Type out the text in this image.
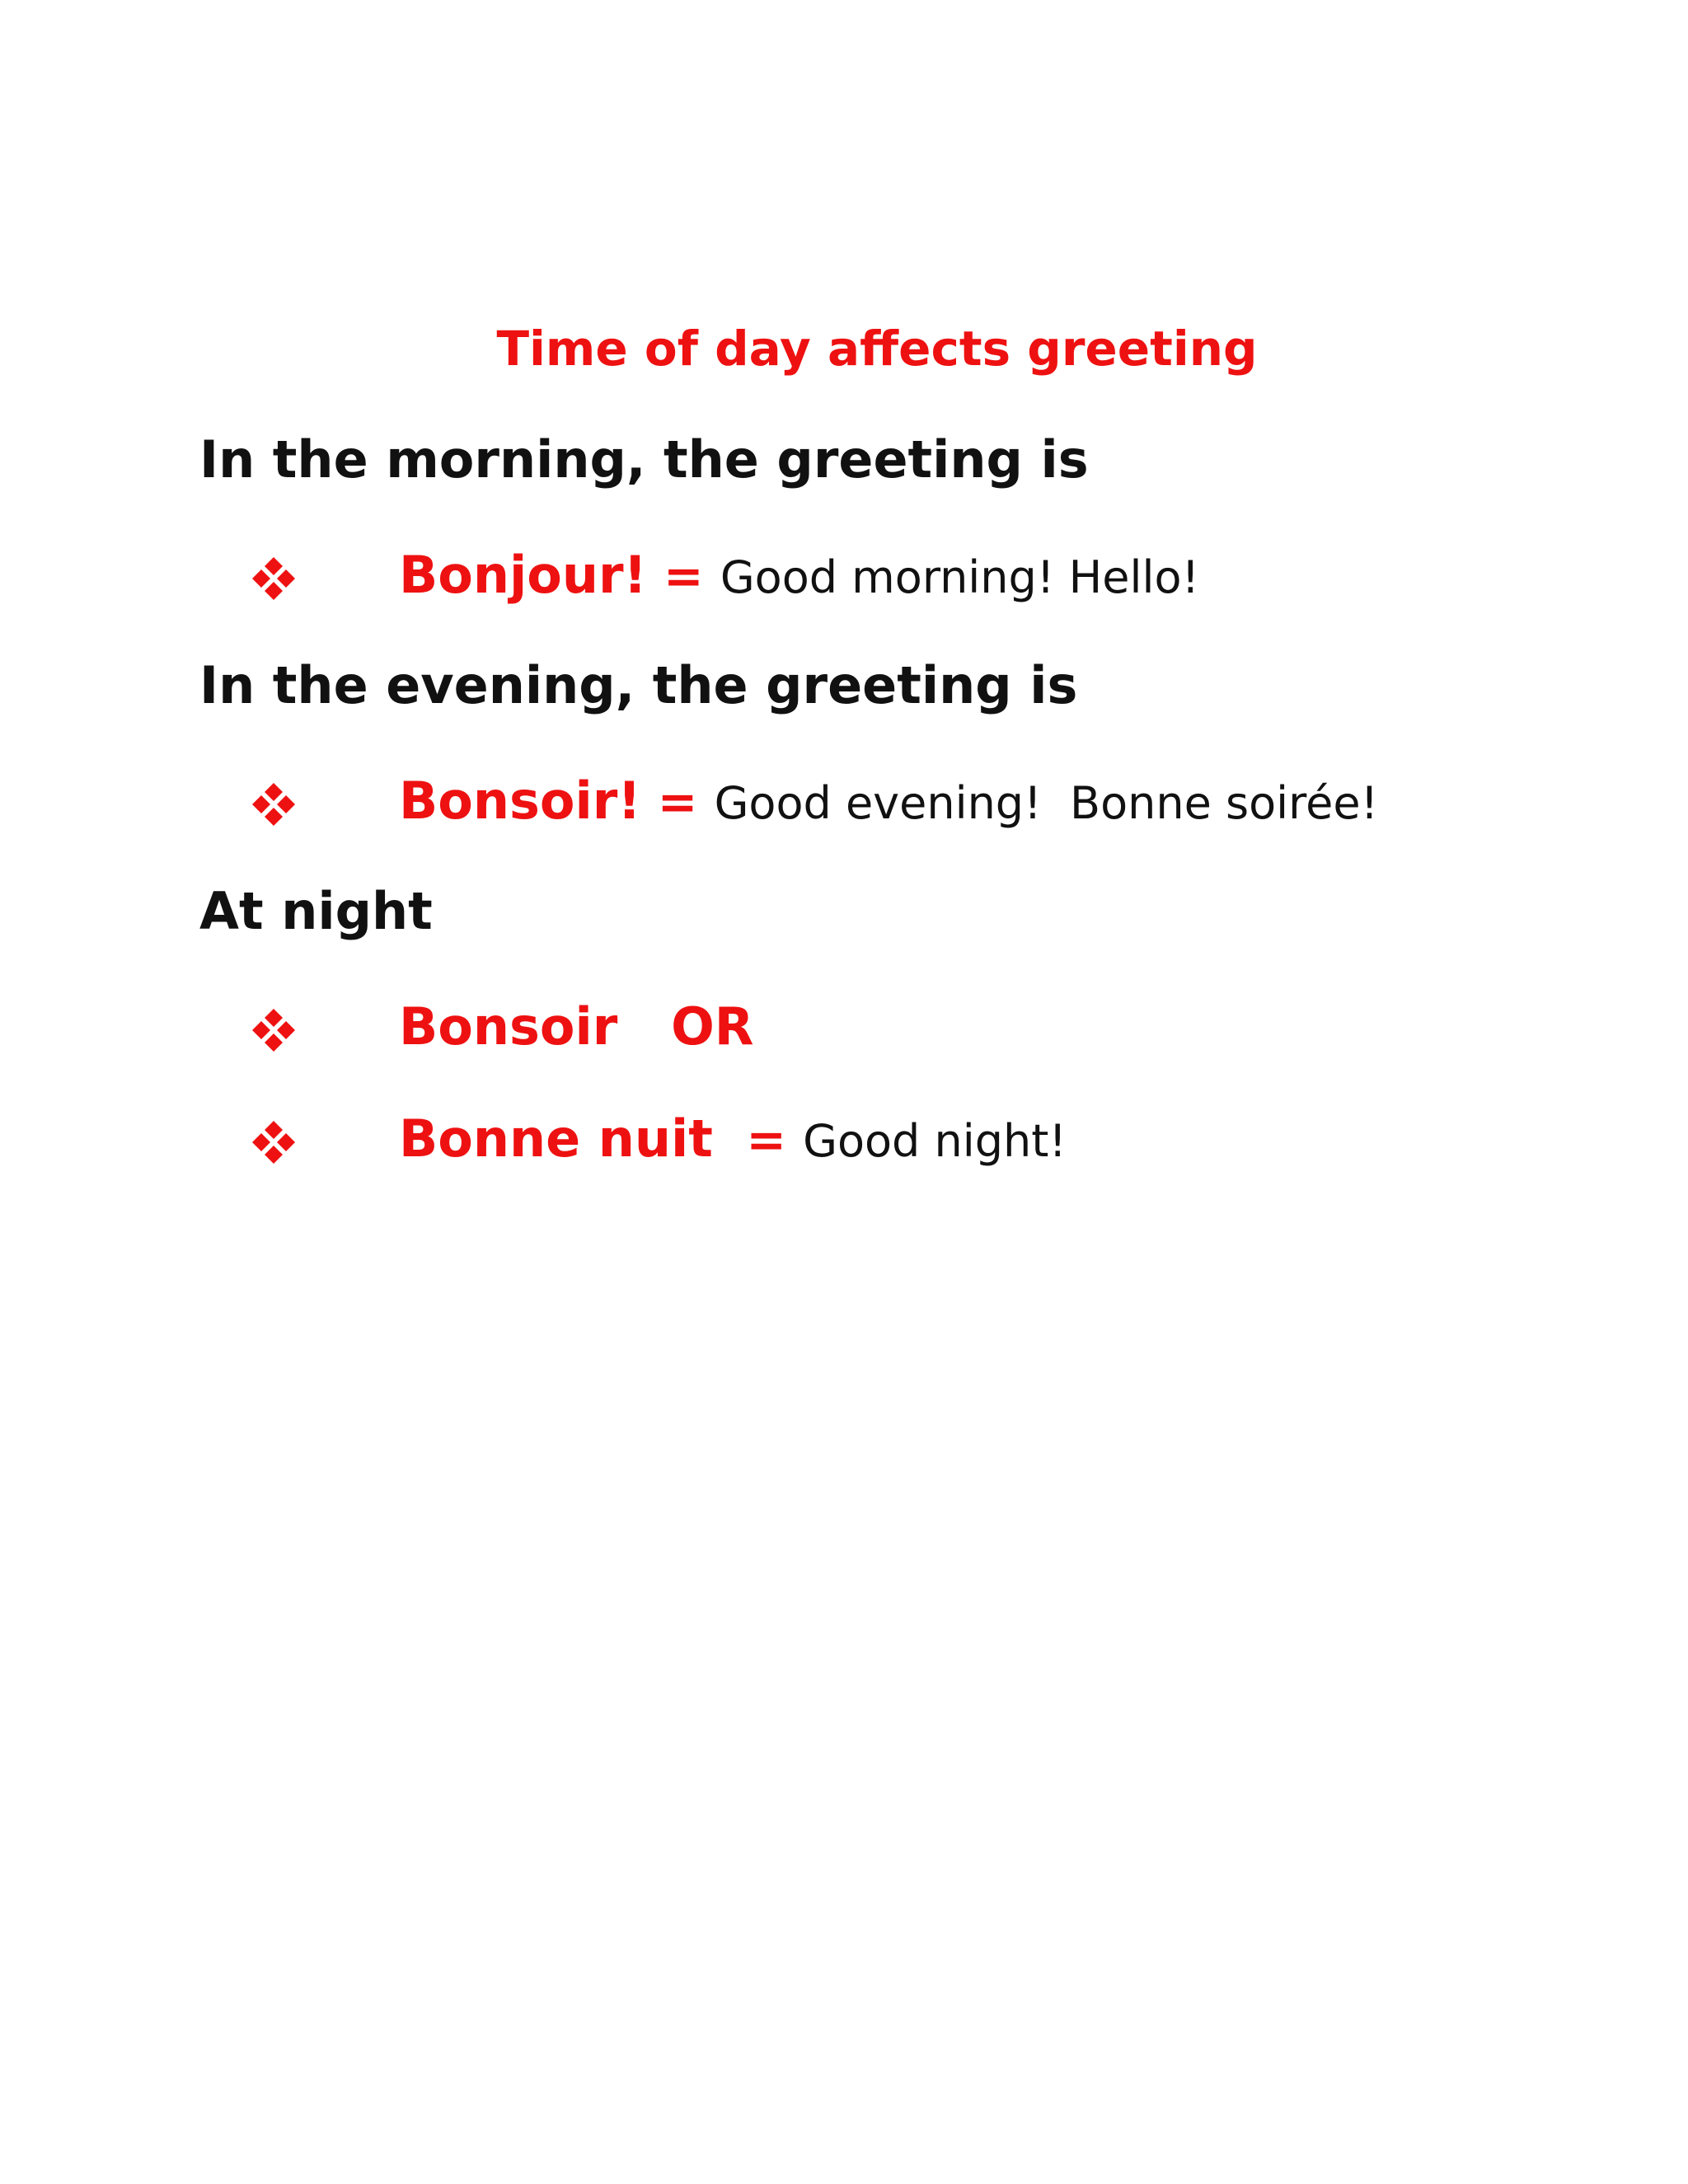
Time of day affects greeting
In the morning, the greeting is
Bonjour! = Good morning! Hello!
In the evening, the greeting is
Bonsoir! = Good evening!  Bonne soirée!
At night
Bonsoir   OR
Bonne nuit  = Good night!
